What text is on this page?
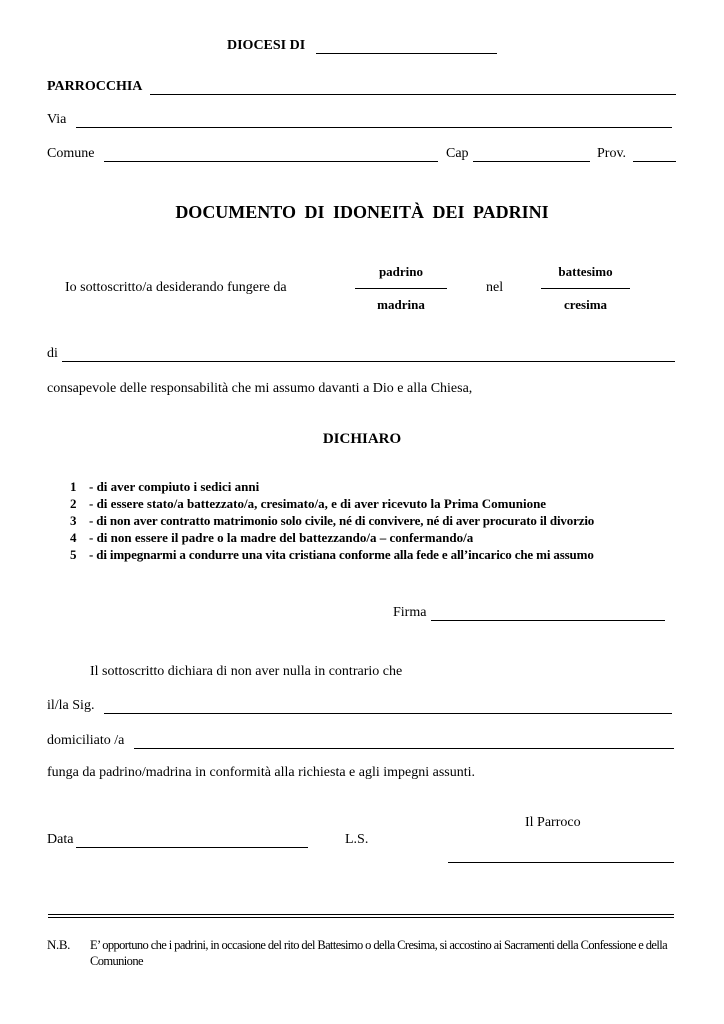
DIOCESI DI
PARROCCHIA
Via
Comune	Cap	Prov.
DOCUMENTO DI IDONEITÀ DEI PADRINI
Io sottoscritto/a desiderando fungere da
padrino
madrina
nel
battesimo
cresima
di
consapevole delle responsabilità che mi assumo davanti a Dio e alla Chiesa,
DICHIARO
1 - di aver compiuto i sedici anni
2 - di essere stato/a battezzato/a, cresimato/a, e di aver ricevuto la Prima Comunione
3 - di non aver contratto matrimonio solo civile, né di convivere, né di aver procurato il divorzio
4 - di non essere il padre o la madre del battezzando/a – confermando/a
5 - di impegnarmi a condurre una vita cristiana conforme alla fede e all’incarico che mi assumo
Firma
Il sottoscritto dichiara di non aver nulla in contrario che
il/la Sig.
domiciliato /a
funga da padrino/madrina in conformità alla richiesta e agli impegni assunti.
Il Parroco
Data	L.S.
N.B. E’ opportuno che i padrini, in occasione del rito del Battesimo o della Cresima, si accostino ai Sacramenti della Confessione e della Comunione
